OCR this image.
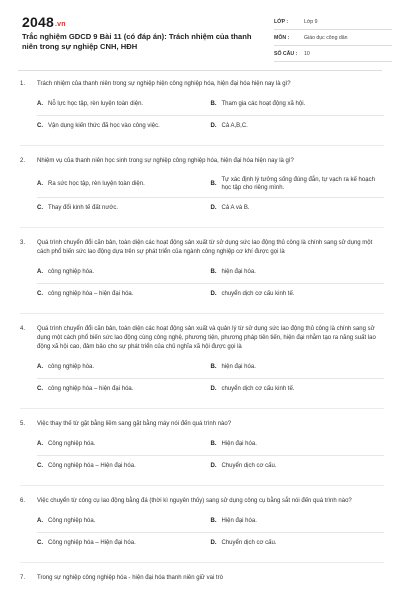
2048.vn
Trắc nghiệm GDCD 9 Bài 11 (có đáp án): Trách nhiệm của thanh niên trong sự nghiệp CNH, HĐH
LỚP :	Lớp 9
MÔN :	Giáo dục công dân
SỐ CÂU :	10
1.	Trách nhiệm của thanh niên trong sự nghiệp hiện công nghiệp hóa, hiện đại hóa hiện nay là gì?
A. Nỗ lực học tập, rèn luyện toàn diện.	B. Tham gia các hoạt động xã hội.
C. Vận dụng kiến thức đã học vào công việc.	D. Cả A,B,C.
2.	Nhiệm vụ của thanh niên học sinh trong sự nghiệp công nghiệp hóa, hiện đại hóa hiện nay là gì?
A. Ra sức học tập, rèn luyện toàn diện.	B.
Tự xác định lý tưởng sống đúng đắn, tự vạch ra kế hoạch học tập cho riêng mình.
C. Thay đổi kinh tế đất nước.	D. Cả A và B.
3.	Quá trình chuyển đổi căn bản, toàn diện các hoạt động sản xuất từ sử dụng sức lao động thủ công là chính sang sử dụng một cách phổ biến sức lao động dựa trên sự phát triển của ngành công nghiệp cơ khí được gọi là
A. công nghiệp hóa.	B. hiện đại hóa.
C. công nghiệp hóa – hiện đại hóa.	D. chuyển dịch cơ cấu kinh tế.
4.	Quá trình chuyển đổi căn bản, toàn diện các hoạt động sản xuất và quản lý từ sử dụng sức lao động thủ công là chính sang sử dụng một cách phổ biến sức lao động cùng công nghệ, phương tiện, phương pháp tiên tiến, hiện đại nhằm tạo ra năng suất lao động xã hội cao, đảm bảo cho sự phát triển của chủ nghĩa xã hội được gọi là
A. công nghiệp hóa.	B. hiện đại hóa.
C. công nghiệp hóa – hiện đại hóa.	D. chuyển dịch cơ cấu kinh tế.
5.	Việc thay thế từ gặt bằng liềm sang gặt bằng máy nói đến quá trình nào?
A. Công nghiệp hóa.	B. Hiện đại hóa.
C. Công nghiệp hóa – Hiện đại hóa.	D. Chuyển dịch cơ cấu.
6.	Việc chuyển từ công cụ lao động bằng đá (thời kì nguyên thủy) sang sử dụng công cụ bằng sắt nói đến quá trình nào?
A. Công nghiệp hóa.	B. Hiện đại hóa.
C. Công nghiệp hóa – Hiện đại hóa.	D. Chuyển dịch cơ cấu.
7.	Trong sự nghiệp công nghiệp hóa - hiện đại hóa thanh niên giữ vai trò
